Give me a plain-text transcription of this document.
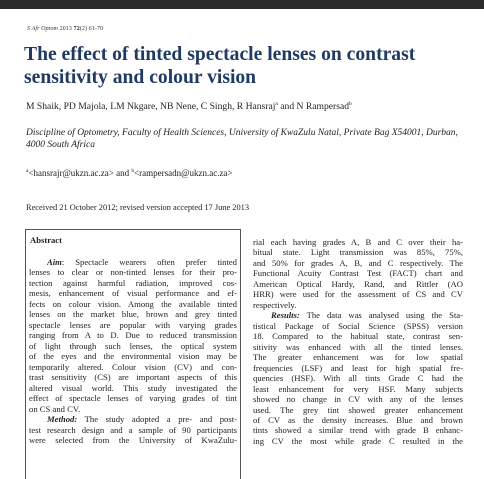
S Afr Optom 2013 72(2) 61-70
The effect of tinted spectacle lenses on contrast sensitivity and colour vision
M Shaik, PD Majola, LM Nkgare, NB Nene, C Singh, R Hansraj$^a$ and N Rampersad$^b$
Discipline of Optometry, Faculty of Health Sciences, University of KwaZulu Natal, Private Bag X54001, Durban, 4000 South Africa
$^a$<hansrajr@ukzn.ac.za> and $^b$<rampersadn@ukzn.ac.za>
Received 21 October 2012; revised version accepted 17 June 2013
Abstract
Aim: Spectacle wearers often prefer tinted
lenses to clear or non-tinted lenses for their pro-
tection against harmful radiation, improved cos-
mesis, enhancement of visual performance and ef-
fects on colour vision. Among the available tinted
lenses on the market blue, brown and grey tinted
spectacle lenses are popular with varying grades
ranging from A to D. Due to reduced transmission
of light through such lenses, the optical system
of the eyes and the environmental vision may be
temporarily altered. Colour vision (CV) and con-
trast sensitivity (CS) are important aspects of this
altered visual world. This study investigated the
effect of spectacle lenses of varying grades of tint
on CS and CV.
Method: The study adopted a pre- and post-
test research design and a sample of 90 participants
were selected from the University of KwaZulu-
rial each having grades A, B and C over their ha-
bitual state. Light transmission was 85%, 75%,
and 50% for grades A, B, and C respectively. The
Functional Acuity Contrast Test (FACT) chart and
American Optical Hardy, Rand, and Rittler (AO
HRR) were used for the assessment of CS and CV
respectively.
Results: The data was analysed using the Sta-
tistical Package of Social Science (SPSS) version
18. Compared to the habitual state, contrast sen-
sitivity was enhanced with all the tinted lenses.
The greater enhancement was for low spatial
frequencies (LSF) and least for high spatial fre-
quencies (HSF). With all tints Grade C had the
least enhancement for very HSF. Many subjects
showed no change in CV with any of the lenses
used. The grey tint showed greater enhancement
of CV as the density increases. Blue and brown
tints showed a similar trend with grade B enhanc-
ing CV the most while grade C resulted in the
